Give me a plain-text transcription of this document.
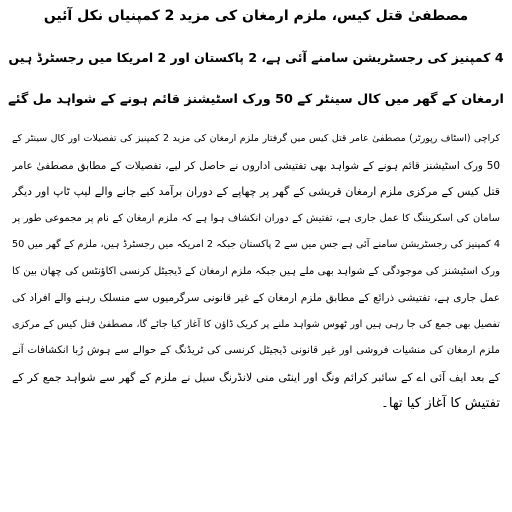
مصطفیٰ قتل کیس، ملزم ارمغان کی مزید 2 کمپنیاں نکل آئیں
4 کمپنیز کی رجسٹریشن سامنے آئی ہے، 2 پاکستان اور 2 امریکا میں رجسٹرڈ ہیں
ارمغان کے گھر میں کال سینٹر کے 50 ورک اسٹیشنز قائم ہونے کے شواہد مل گئے
کراچی (اسٹاف رپورٹر) مصطفیٰ عامر قتل کیس میں گرفتار ملزم ارمغان کی مزید 2 کمپنیز کی تفصیلات اور کال سینٹر کے
50 ورک اسٹیشنز قائم ہونے کے شواہد بھی تفتیشی اداروں نے حاصل کر لیے، تفصیلات کے مطابق مصطفیٰ عامر
قتل کیس کے مرکزی ملزم ارمغان قریشی کے گھر پر چھاپے کے دوران برآمد کیے جانے والے لیپ ٹاپ اور دیگر
سامان کی اسکریننگ کا عمل جاری ہے، تفتیش کے دوران انکشاف ہوا ہے کہ ملزم ارمغان کے نام پر مجموعی طور پر
4 کمپنیز کی رجسٹریشن سامنے آئی ہے جس میں سے 2 پاکستان جبکہ 2 امریکہ میں رجسٹرڈ ہیں، ملزم کے گھر میں 50
ورک اسٹیشنز کی موجودگی کے شواہد بھی ملے ہیں جبکہ ملزم ارمغان کے ڈیجیٹل کرنسی اکاؤنٹس کی چھان بین کا
عمل جاری ہے، تفتیشی ذرائع کے مطابق ملزم ارمغان کے غیر قانونی سرگرمیوں سے منسلک رہنے والے افراد کی
تفصیل بھی جمع کی جا رہی ہیں اور ٹھوس شواہد ملنے پر کریک ڈاؤن کا آغاز کیا جائے گا، مصطفیٰ قتل کیس کے مرکزی
ملزم ارمغان کی منشیات فروشی اور غیر قانونی ڈیجیٹل کرنسی کی ٹریڈنگ کے حوالے سے ہوش رُبا انکشافات آنے
کے بعد ایف آئی اے کے سائبر کرائم ونگ اور اینٹی منی لانڈرنگ سیل نے ملزم کے گھر سے شواہد جمع کر کے
تفتیش کا آغاز کیا تھا۔
